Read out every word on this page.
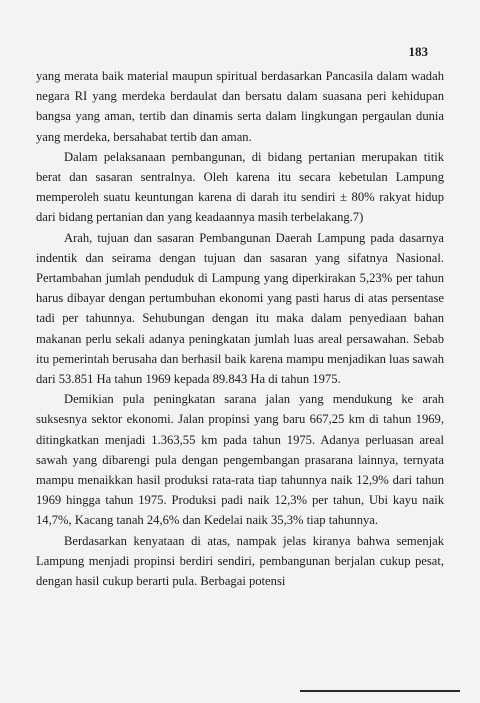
183

yang merata baik material maupun spiritual berdasarkan Pancasila dalam wadah negara RI yang merdeka berdaulat dan bersatu dalam suasana peri kehidupan bangsa yang aman, tertib dan dinamis serta dalam lingkungan pergaulan dunia yang merdeka, bersahabat tertib dan aman.

Dalam pelaksanaan pembangunan, di bidang pertanian merupakan titik berat dan sasaran sentralnya. Oleh karena itu secara kebetulan Lampung memperoleh suatu keuntungan karena di darah itu sendiri ± 80% rakyat hidup dari bidang pertanian dan yang keadaannya masih terbelakang.7)

Arah, tujuan dan sasaran Pembangunan Daerah Lampung pada dasarnya indentik dan seirama dengan tujuan dan sasaran yang sifatnya Nasional. Pertambahan jumlah penduduk di Lampung yang diperkirakan 5,23% per tahun harus dibayar dengan pertumbuhan ekonomi yang pasti harus di atas persentase tadi per tahunnya. Sehubungan dengan itu maka dalam penyediaan bahan makanan perlu sekali adanya peningkatan jumlah luas areal persawahan. Sebab itu pemerintah berusaha dan berhasil baik karena mampu menjadikan luas sawah dari 53.851 Ha tahun 1969 kepada 89.843 Ha di tahun 1975.

Demikian pula peningkatan sarana jalan yang mendukung ke arah suksesnya sektor ekonomi. Jalan propinsi yang baru 667,25 km di tahun 1969, ditingkatkan menjadi 1.363,55 km pada tahun 1975. Adanya perluasan areal sawah yang dibarengi pula dengan pengembangan prasarana lainnya, ternyata mampu menaikkan hasil produksi rata-rata tiap tahunnya naik 12,9% dari tahun 1969 hingga tahun 1975. Produksi padi naik 12,3% per tahun, Ubi kayu naik 14,7%, Kacang tanah 24,6% dan Kedelai naik 35,3% tiap tahunnya.

Berdasarkan kenyataan di atas, nampak jelas kiranya bahwa semenjak Lampung menjadi propinsi berdiri sendiri, pembangunan berjalan cukup pesat, dengan hasil cukup berarti pula. Berbagai potensi
